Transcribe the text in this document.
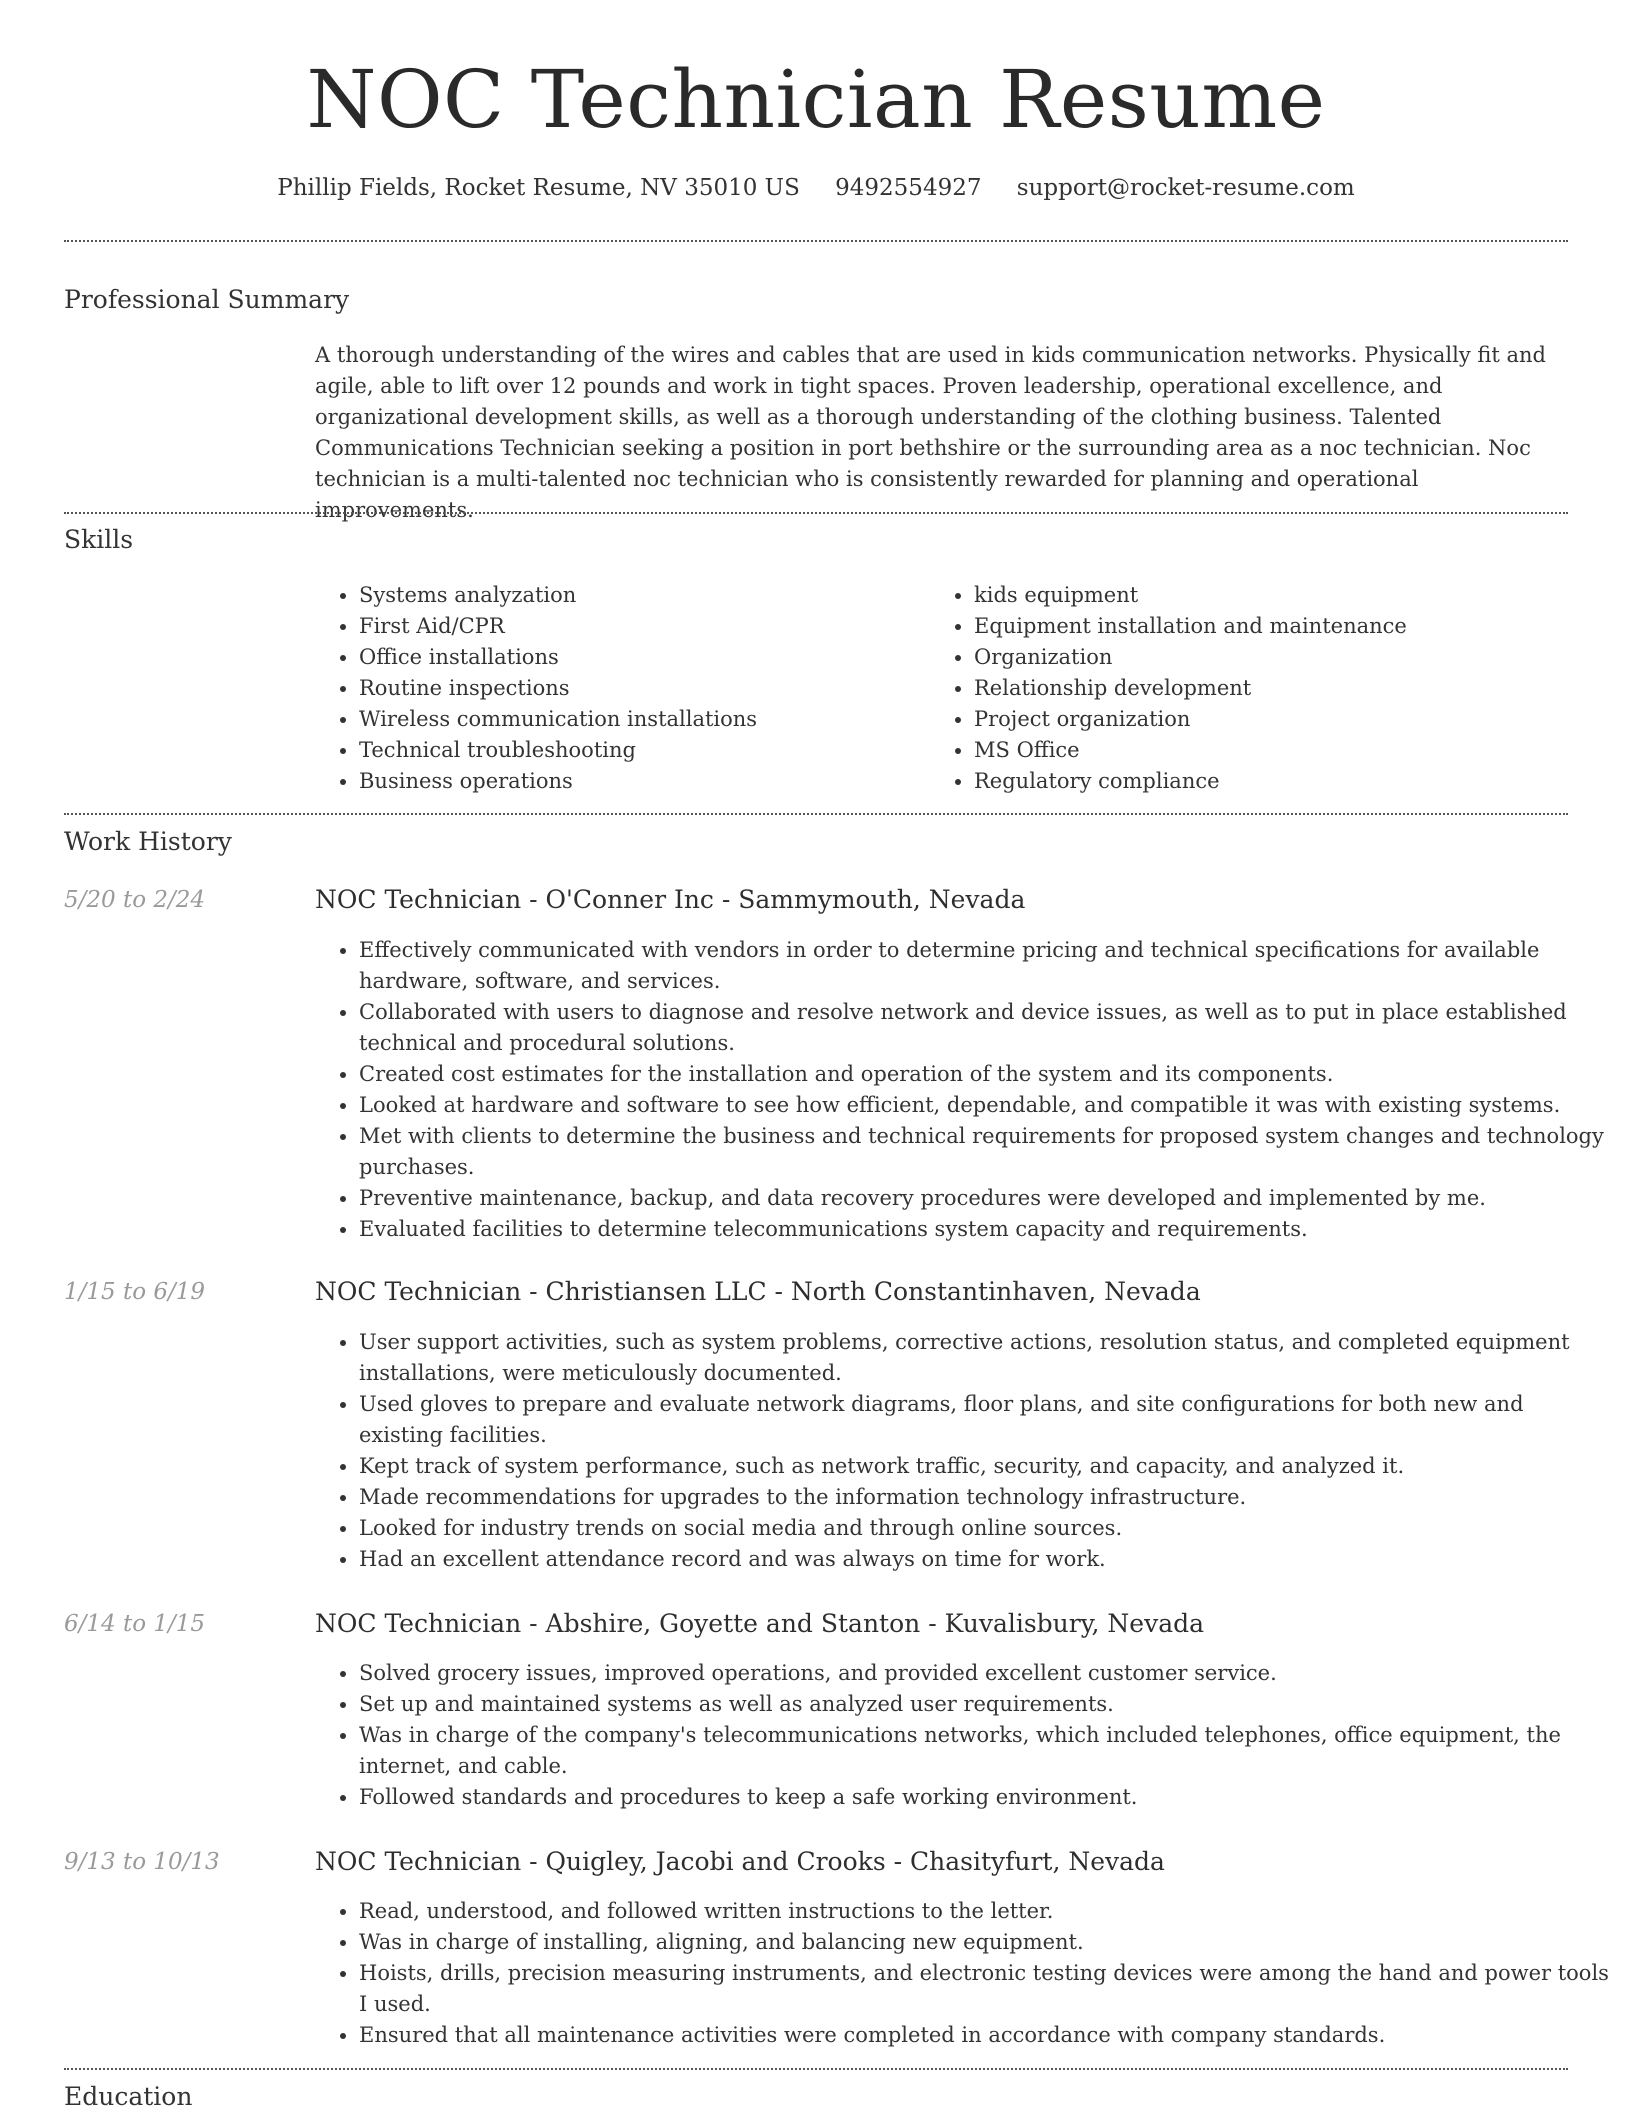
NOC Technician Resume
Phillip Fields, Rocket Resume, NV 35010 US 9492554927 support@rocket-resume.com
Professional Summary

A thorough understanding of the wires and cables that are used in kids communication networks. Physically fit and agile, able to lift over 12 pounds and work in tight spaces. Proven leadership, operational excellence, and organizational development skills, as well as a thorough understanding of the clothing business. Talented Communications Technician seeking a position in port bethshire or the surrounding area as a noc technician. Noc technician is a multi-talented noc technician who is consistently rewarded for planning and operational improvements.

Skills
• Systems analyzation
• First Aid/CPR
• Office installations
• Routine inspections
• Wireless communication installations
• Technical troubleshooting
• Business operations
• kids equipment
• Equipment installation and maintenance
• Organization
• Relationship development
• Project organization
• MS Office
• Regulatory compliance
Work History
5/20 to 2/24	NOC Technician - O'Conner Inc - Sammymouth, Nevada
• Effectively communicated with vendors in order to determine pricing and technical specifications for available hardware, software, and services.
• Collaborated with users to diagnose and resolve network and device issues, as well as to put in place established technical and procedural solutions.
• Created cost estimates for the installation and operation of the system and its components.
• Looked at hardware and software to see how efficient, dependable, and compatible it was with existing systems.
• Met with clients to determine the business and technical requirements for proposed system changes and technology purchases.
• Preventive maintenance, backup, and data recovery procedures were developed and implemented by me.
• Evaluated facilities to determine telecommunications system capacity and requirements.
1/15 to 6/19	NOC Technician - Christiansen LLC - North Constantinhaven, Nevada
• User support activities, such as system problems, corrective actions, resolution status, and completed equipment installations, were meticulously documented.
• Used gloves to prepare and evaluate network diagrams, floor plans, and site configurations for both new and existing facilities.
• Kept track of system performance, such as network traffic, security, and capacity, and analyzed it.
• Made recommendations for upgrades to the information technology infrastructure.
• Looked for industry trends on social media and through online sources.
• Had an excellent attendance record and was always on time for work.
6/14 to 1/15	NOC Technician - Abshire, Goyette and Stanton - Kuvalisbury, Nevada
• Solved grocery issues, improved operations, and provided excellent customer service.
• Set up and maintained systems as well as analyzed user requirements.
• Was in charge of the company's telecommunications networks, which included telephones, office equipment, the internet, and cable.
• Followed standards and procedures to keep a safe working environment.
9/13 to 10/13	NOC Technician - Quigley, Jacobi and Crooks - Chasityfurt, Nevada
• Read, understood, and followed written instructions to the letter.
• Was in charge of installing, aligning, and balancing new equipment.
• Hoists, drills, precision measuring instruments, and electronic testing devices were among the hand and power tools I used.
• Ensured that all maintenance activities were completed in accordance with company standards.
Education
